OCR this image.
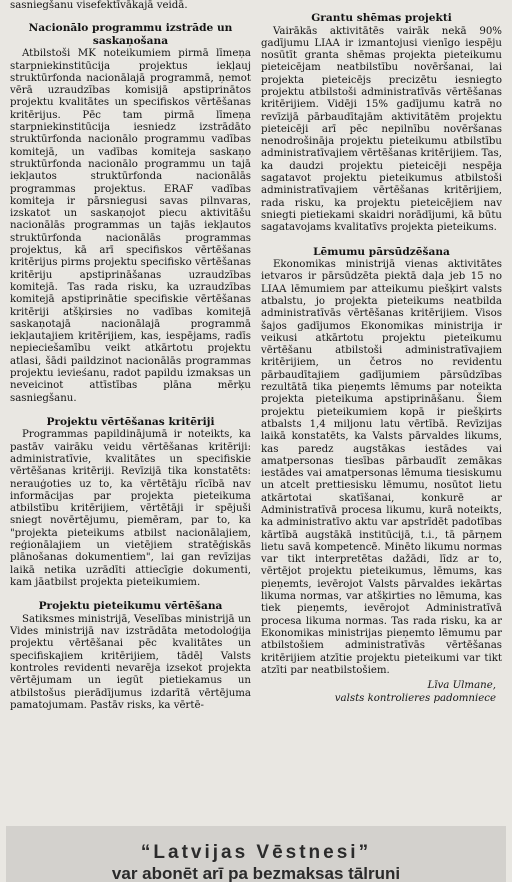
sasniegšanu visefektīvākajā veidā.

Nacionālo programmu izstrāde un saskaņošana

Atbilstoši MK noteikumiem pirmā līmeņa starpniekinstitūcija projektus iekļauj struktūrfonda nacionālajā programmā, ņemot vērā uzraudzības komisijā apstiprinātos projektu kvalitātes un specifiskos vērtēšanas kritērijus. Pēc tam pirmā līmeņa starpniekinstitūcija iesniedz izstrādāto struktūrfonda nacionālo programmu vadības komitejā, un vadības komiteja saskaņo struktūrfonda nacionālo programmu un tajā iekļautos struktūrfonda nacionālās programmas projektus. ERAF vadības komiteja ir pārsniegusi savas pilnvaras, izskatot un saskaņojot piecu aktivitāšu nacionālās programmas un tajās iekļautos struktūrfonda nacionālās programmas projektus, kā arī specifiskos vērtēšanas kritērijus pirms projektu specifisko vērtēšanas kritēriju apstiprināšanas uzraudzības komitejā. Tas rada risku, ka uzraudzības komitejā apstiprinātie specifiskie vērtēšanas kritēriji atšķirsies no vadības komitejā saskaņotajā nacionālajā programmā iekļautajiem kritērijiem, kas, iespējams, radīs nepieciešamību veikt atkārtotu projektu atlasi, šādi paildzinot nacionālās programmas projektu ievieśanu, radot papildu izmaksas un neveicinot attīstības plāna mērķu sasniegšanu.

Projektu vērtēšanas kritēriji

Programmas papildinājumā ir noteikts, ka pastāv vairāku veidu vērtēšanas kritēriji: administratīvie, kvalitātes un specifiskie vērtēšanas kritēriji. Revīzijā tika konstatēts: nerauģoties uz to, ka vērtētāju rīcībā nav informācijas par projekta pieteikuma atbilstību kritērijiem, vērtētāji ir spējuši sniegt novērtējumu, piemēram, par to, ka "projekta pieteikums atbilst nacionālajiem, reģionālajiem un vietējiem stratēģiskās plānošanas dokumentiem", lai gan revīzijas laikā netika uzrādīti attiecīgie dokumenti, kam jāatbilst projekta pieteikumiem.

Projektu pieteikumu vērtēšana

Satiksmes ministrijā, Veselības ministrijā un Vides ministrijā nav izstrādāta metodoloģija projektu vērtēšanai pēc kvalitātes un specifiskajiem kritērijiem, tādēļ Valsts kontroles revidenti nevarēja izsekot projekta vērtējumam un iegūt pietiekamus un atbilstošus pierādījumus izdarītā vērtējuma pamatojumam. Pastāv risks, ka vērtē-

Grantu shēmas projekti

Vairākās aktivitātēs vairāk nekā 90% gadījumu LIAA ir izmantojusi vienīgo iespēju nosūtīt granta shēmas projekta pieteikumu pieteicējam neatbilstību novēršanai, lai projekta pieteicējs precizētu iesniegto projektu atbilstoši administratīvās vērtēšanas kritērijiem. Vidēji 15% gadījumu katrā no revīzijā pārbaudītajām aktivitātēm projektu pieteicēji arī pēc nepilnību novēršanas nenodrošināja projektu pieteikumu atbilstību administratīvajiem vērtēšanas kritērijiem. Tas, ka daudzi projektu pieteicēji nespēja sagatavot projektu pieteikumus atbilstoši administratīvajiem vērtēšanas kritērijiem, rada risku, ka projektu pieteicējiem nav sniegti pietiekami skaidri norādījumi, kā būtu sagatavojams kvalitatīvs projekta pieteikums.

Lēmumu pārsūdzēšana

Ekonomikas ministrijā vienas aktivitātes ietvaros ir pārsūdzēta piektā daļa jeb 15 no LIAA lēmumiem par atteikumu piešķirt valsts atbalstu, jo projekta pieteikums neatbilda administratīvās vērtēšanas kritērijiem. Visos šajos gadījumos Ekonomikas ministrija ir veikusi atkārtotu projektu pieteikumu vērtēšanu atbilstoši administratīvajiem kritērijiem, un četros no revidentu pārbaudītajiem gadījumiem pārsūdzības rezultātā tika pieņemts lēmums par noteikta projekta pieteikuma apstiprināšanu. Šiem projektu pieteikumiem kopā ir piešķirts atbalsts 1,4 miljonu latu vērtībā. Revīzijas laikā konstatēts, ka Valsts pārvaldes likums, kas paredz augstākas iestādes vai amatpersonas tiesības pārbaudīt zemākas iestādes vai amatpersonas lēmuma tiesiskumu un atcelt prettiesisku lēmumu, nosūtot lietu atkārtotai skatīšanai, konkurē ar Administratīvā procesa likumu, kurā noteikts, ka administratīvo aktu var apstrīdēt padotības kārtībā augstākā institūcijā, t.i., tā pārņem lietu savā kompetencē. Minēto likumu normas var tikt interpretētas dažādi, līdz ar to, vērtējot projektu pieteikumus, lēmums, kas pieņemts, ievērojot Valsts pārvaldes iekārtas likuma normas, var atšķirties no lēmuma, kas tiek pieņemts, ievērojot Administratīvā procesa likuma normas. Tas rada risku, ka ar Ekonomikas ministrijas pieņemto lēmumu par atbilstošiem administratīvās vērtēšanas kritērijiem atzītie projektu pieteikumi var tikt atzīti par neatbilstošiem.

Līva Ulmane,
valsts kontrolieres padomniece
“Latvijas Vēstnesi”
var abonēt arī pa bezmaksas tālruni
